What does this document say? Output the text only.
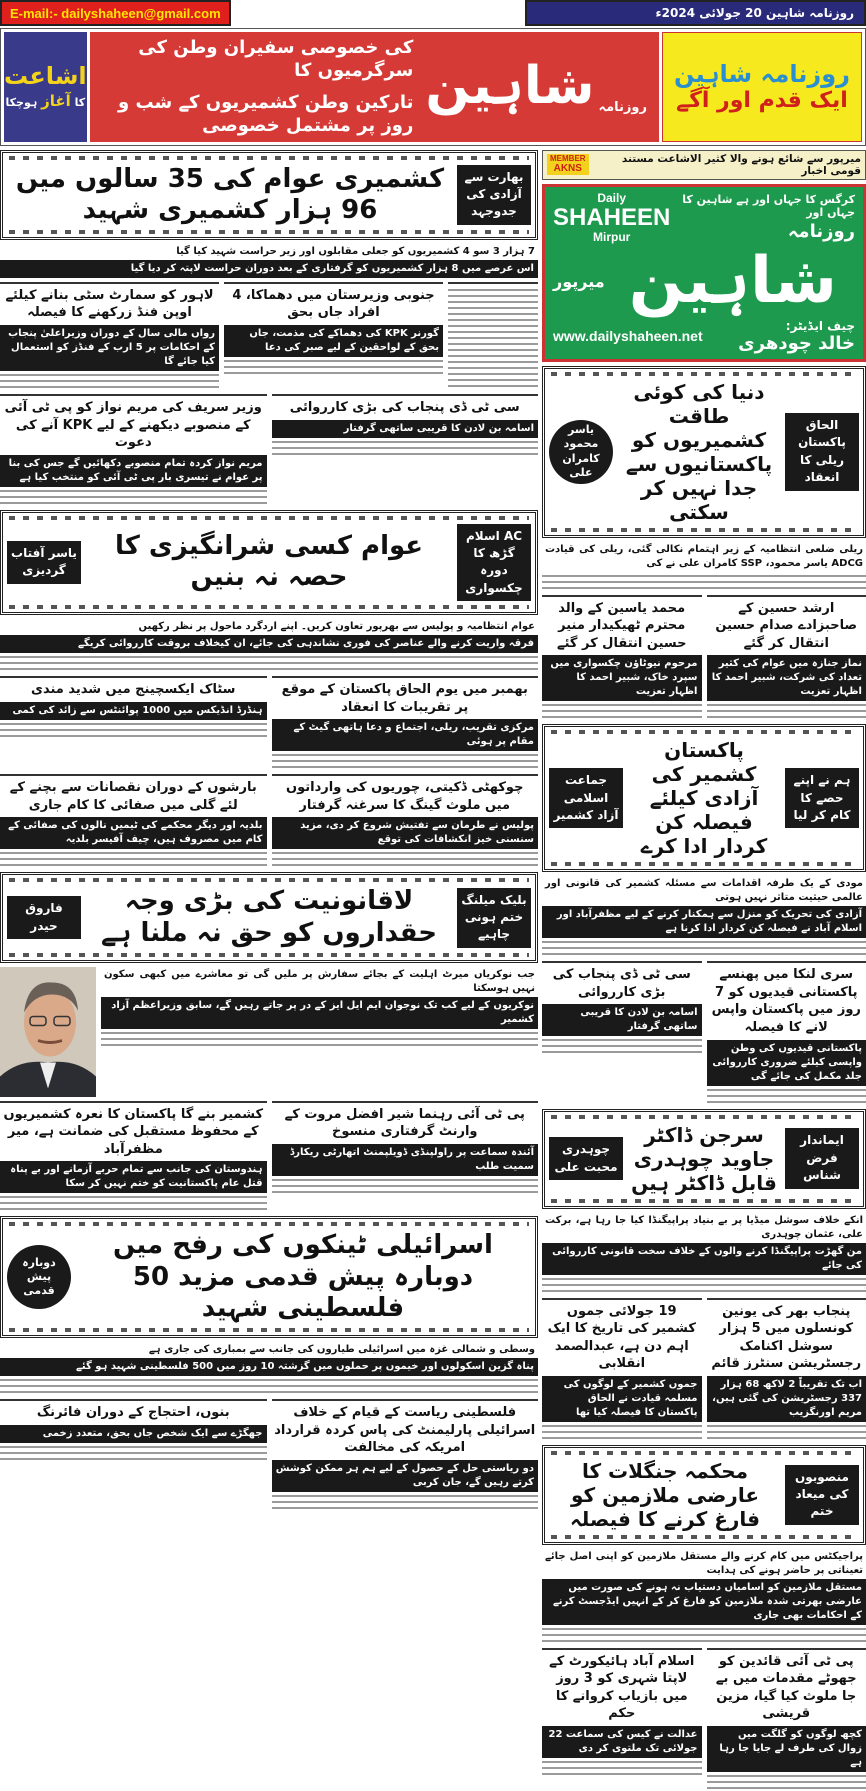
E-mail:- dailyshaheen@gmail.com	روزنامہ شاہین 20 جولائی 2024ء
اشاعت
کا آغاز ہوچکا	روزنامہ
شاہین
کی خصوصی سفیران وطن کی سرگرمیوں کا
تارکین وطن کشمیریوں کے شب و روز پر مشتمل خصوصی
روزنامہ شاہین
ایک قدم اور آگے
کشمیری عوام کی 35 سالوں میں 96 ہزار کشمیری شہید
بھارت سے آزادی کی جدوجہد
7 ہزار 3 سو 4 کشمیریوں کو جعلی مقابلوں اور زیر حراست شہید کیا گیا
اس عرصے میں 8 ہزار کشمیریوں کو گرفتاری کے بعد دوران حراست لاپتہ کر دیا گیا
لاہور کو سمارٹ سٹی بنانے کیلئے اوپن فنڈ زرکھنے کا فیصلہ
رواں مالی سال کے دوران وزیراعلیٰ پنجاب کے احکامات پر 5 ارب کے فنڈز کو استعمال کیا جائے گا
جنوبی وزیرستان میں دھماکا، 4 افراد جاں بحق
گورنر KPK کی دھماکے کی مذمت، جاں بحق کے لواحقین کے لیے صبر کی دعا
وزیر سریف کی مریم نواز کو پی ٹی آئی کے منصوبے دیکھنے کے لیے KPK آنے کی دعوت
مریم نواز کردہ تمام منصوبے دکھائیں گے جس کی بنا پر عوام نے تیسری بار پی ٹی آئی کو منتخب کیا ہے
سی ٹی ڈی پنجاب کی بڑی کارروائی
اسامہ بن لادن کا قریبی ساتھی گرفتار
یاسر آفتاب گردیزی
عوام کسی شرانگیزی کا حصہ نہ بنیں
AC اسلام گڑھ کا دورہ چکسواری
عوام انتظامیہ و پولیس سے بھرپور تعاون کریں۔ اپنے اردگرد ماحول پر نظر رکھیں
فرقہ واریت کرنے والے عناصر کی فوری نشاندہی کی جائے، ان کیخلاف بروقت کارروائی کریگے
سٹاک ایکسچینج میں شدید مندی
ہنڈرڈ انڈیکس میں 1000 پوائنٹس سے زائد کی کمی
بھمبر میں یوم الحاق پاکستان کے موقع پر تقریبات کا انعقاد
مرکزی تقریب، ریلی، اجتماع و دعا ہاتھی گیٹ کے مقام پر ہوئی
بارشوں کے دوران نقصانات سے بچنے کے لئے گلی میں صفائی کا کام جاری
بلدیہ اور دیگر محکمے کی ٹیمیں نالوں کی صفائی کے کام میں مصروف ہیں، چیف آفیسر بلدیہ
چوکھٹی ڈکیتی، چوریوں کی وارداتوں میں ملوث گینگ کا سرغنہ گرفتار
پولیس نے طرمان سے تفتیش شروع کر دی، مزید سنسنی خیز انکشافات کی توقع
فاروق حیدر
لاقانونیت کی بڑی وجہ حقداروں کو حق نہ ملنا ہے
بلیک میلنگ ختم ہونی چاہیے
جب نوکریاں میرٹ اہلیت کے بجائے سفارش پر ملیں گی تو معاشرے میں کبھی سکون نہیں ہوسکتا
نوکریوں کے لیے کب تک نوجوان ایم ایل ایز کے در پر جاتے رہیں گے، سابق وزیراعظم آزاد کشمیر
کشمیر بنے گا پاکستان کا نعرہ کشمیریوں کے محفوظ مستقبل کی ضمانت ہے، میر مظفرآباد
ہندوستان کی جانب سے تمام حربے آزمانے اور بے پناہ قتل عام پاکستانیت کو ختم نہیں کر سکا
پی ٹی آئی رہنما شیر افضل مروت کے وارنٹ گرفتاری منسوخ
آئندہ سماعت پر راولپنڈی ڈویلپمنٹ اتھارٹی ریکارڈ سمیت طلب
دوبارہ پیش قدمی
اسرائیلی ٹینکوں کی رفح میں دوبارہ پیش قدمی مزید 50 فلسطینی شہید
وسطی و شمالی غزہ میں اسرائیلی طیاروں کی جانب سے بمباری کی جاری ہے
پناہ گزین اسکولوں اور خیموں پر حملوں میں گزشتہ 10 روز میں 500 فلسطینی شہید ہو گئے
بنوں، احتجاج کے دوران فائرنگ
جھگڑے سے ایک شخص جاں بحق، متعدد زخمی
فلسطینی ریاست کے قیام کے خلاف اسرائیلی پارلیمنٹ کی پاس کردہ قرارداد امریکہ کی مخالفت
دو ریاستی حل کے حصول کے لیے ہم ہر ممکن کوشش کرتے رہیں گے، جان کربی
میرپور سے شائع ہونے والا کثیر الاشاعت مستند قومی اخبار
MEMBER
AKNS
Daily
SHAHEEN
Mirpur
کرگس کا جہاں اور ہے شاہین کا جہاں اور
روزنامہ
میرپور شاہین
www.dailyshaheen.net
چیف ایڈیٹر:
خالد چودھری
یاسر محمود کامران علی
دنیا کی کوئی طاقت کشمیریوں کو پاکستانیوں سے جدا نہیں کر سکتی
الحاق پاکستان ریلی کا انعقاد
ریلی ضلعی انتظامیہ کے زیر اہتمام نکالی گئی، ریلی کی قیادت ADCG یاسر محمود، SSP کامران علی نے کی
محمد یاسین کے والد محترم ٹھیکیدار منیر حسین انتقال کر گئے
مرحوم نیوٹاؤن چکسواری میں سپرد خاک، شبیر احمد کا اظہار تعزیت
ارشد حسین کے صاحبزادے صدام حسین انتقال کر گئے
نماز جنازہ میں عوام کی کثیر تعداد کی شرکت، شبیر احمد کا اظہار تعزیت
جماعت اسلامی آزاد کشمیر
پاکستان کشمیر کی آزادی کیلئے فیصلہ کن کردار ادا کرے
ہم نے اپنے حصے کا کام کر لیا
مودی کے یک طرفہ اقدامات سے مسئلہ کشمیر کی قانونی اور عالمی حیثیت متاثر نہیں ہوتی
آزادی کی تحریک کو منزل سے ہمکنار کرنے کے لیے مظفرآباد اور اسلام آباد نے فیصلہ کن کردار ادا کرنا ہے
سی ٹی ڈی پنجاب کی بڑی کارروائی
اسامہ بن لادن کا قریبی ساتھی گرفتار
سری لنکا میں پھنسے پاکستانی قیدیوں کو 7 روز میں پاکستان واپس لانے کا فیصلہ
پاکستانی قیدیوں کی وطن واپسی کیلئے ضروری کارروائی جلد مکمل کی جائے گی
چوہدری محبت علی
سرجن ڈاکٹر جاوید چوہدری قابل ڈاکٹر ہیں
ایماندار فرض شناس
انکے خلاف سوشل میڈیا پر بے بنیاد پراپیگنڈا کیا جا رہا ہے، برکت علی، عثمان چوہدری
من گھڑت پراپیگنڈا کرنے والوں کے خلاف سخت قانونی کارروائی کی جائے
19 جولائی جموں کشمیر کی تاریخ کا ایک اہم دن ہے، عبدالصمد انقلابی
جموں کشمیر کے لوگوں کی مسلمہ قیادت نے الحاق پاکستان کا فیصلہ کیا تھا
پنجاب بھر کی یونین کونسلوں میں 5 ہزار سوشل اکنامک رجسٹریشن سنٹرز قائم
اب تک تقریباً 2 لاکھ 68 ہزار 337 رجسٹریشن کی گئی ہیں، مریم اورنگزیب
محکمہ جنگلات کا عارضی ملازمین کو فارغ کرنے کا فیصلہ
منصوبوں کی میعاد ختم
پراجیکٹس میں کام کرنے والے مستقل ملازمین کو اپنی اصل جائے تعیناتی پر حاضر ہونے کی ہدایت
مستقل ملازمین کو اسامیاں دستیاب نہ ہونے کی صورت میں عارضی بھرتی شدہ ملازمین کو فارغ کر کے انہیں ایڈجسٹ کرنے کے احکامات بھی جاری
اسلام آباد ہائیکورٹ کے لاپتا شہری کو 3 روز میں بازیاب کروانے کا حکم
عدالت نے کیس کی سماعت 22 جولائی تک ملتوی کر دی
پی ٹی آئی قائدین کو جھوٹے مقدمات میں بے جا ملوث کیا گیا، مزین قریشی
کچھ لوگوں کو گلگت میں زوال کی طرف لے جایا جا رہا ہے
